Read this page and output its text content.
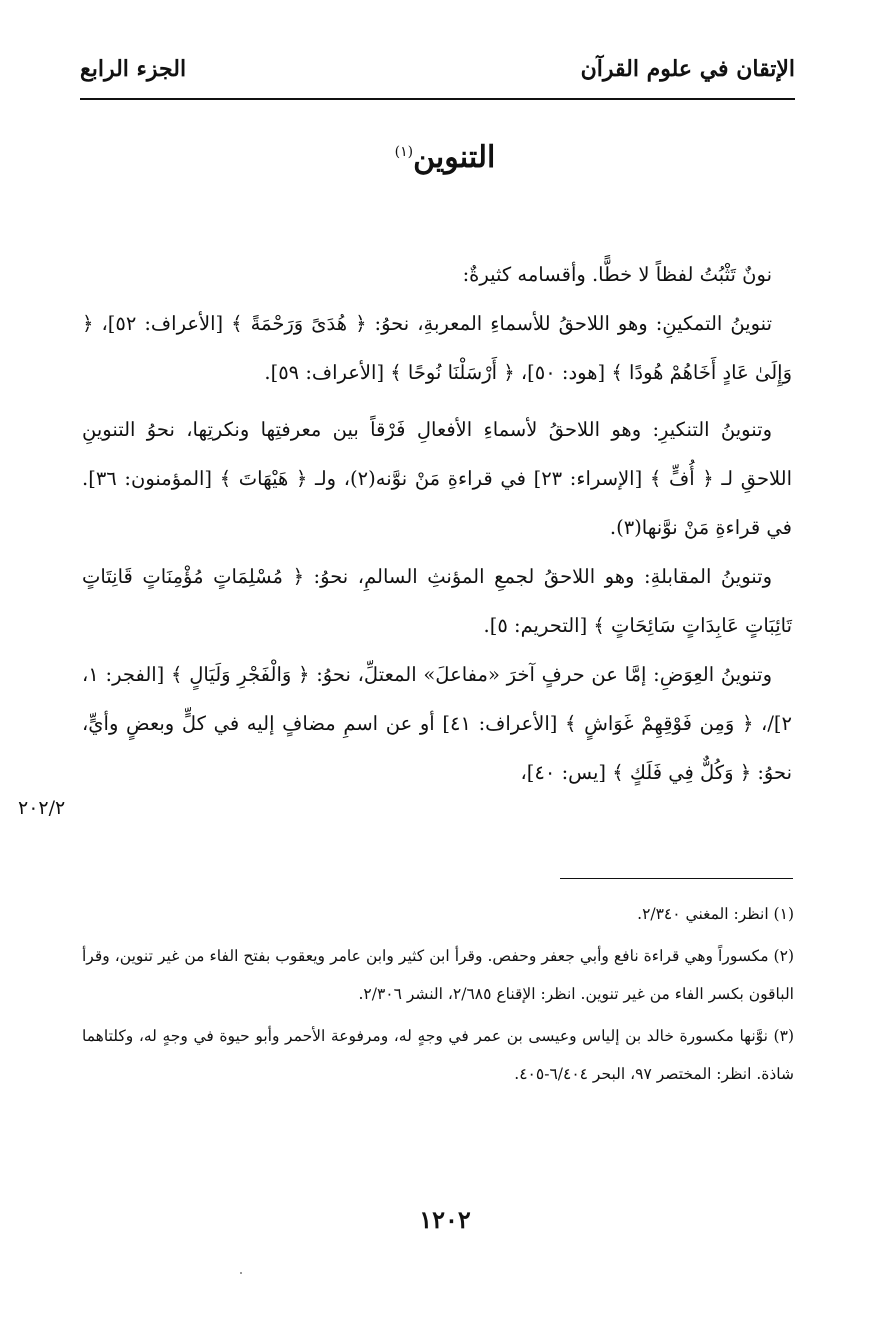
الإتقان في علوم القرآن
الجزء الرابع
التنوين$^{(١)}$

نونٌ تَثْبُتُ لفظاً لا خطًّا. وأقسامه كثيرةٌ:

تنوينُ التمكينِ: وهو اللاحقُ للأسماءِ المعربةِ، نحوُ: ﴿ هُدَىً وَرَحْمَةً ﴾ [الأعراف: ٥٢]، ﴿ وَإِلَىٰ عَادٍ أَخَاهُمْ هُودًا ﴾ [هود: ٥٠]، ﴿ أَرْسَلْنَا نُوحًا ﴾ [الأعراف: ٥٩].

وتنوينُ التنكيرِ: وهو اللاحقُ لأسماءِ الأفعالِ فَرْقاً بين معرفتِها ونكرتِها، نحوُ التنوينِ اللاحقِ لـ ﴿ أُفٍّ ﴾ [الإسراء: ٢٣] في قراءةِ مَنْ نوَّنه(٢)، ولـ ﴿ هَيْهَاتَ ﴾ [المؤمنون: ٣٦]. في قراءةِ مَنْ نوَّنها(٣).

وتنوينُ المقابلةِ: وهو اللاحقُ لجمعِ المؤنثِ السالمِ، نحوُ: ﴿ مُسْلِمَاتٍ مُؤْمِنَاتٍ قَانِتَاتٍ تَائِبَاتٍ عَابِدَاتٍ سَائِحَاتٍ ﴾ [التحريم: ٥].

وتنوينُ العِوَضِ: إمَّا عن حرفٍ آخرَ «مفاعلَ» المعتلِّ، نحوُ: ﴿ وَالْفَجْرِ وَلَيَالٍ ﴾ [الفجر: ١، ٢]/، ﴿ وَمِن فَوْقِهِمْ غَوَاشٍ ﴾ [الأعراف: ٤١] أو عن اسمِ مضافٍ إليه في كلٍّ وبعضٍ وأيٍّ، نحوُ: ﴿ وَكُلٌّ فِي فَلَكٍ ﴾ [يس: ٤٠]،

٢٠٢/٢

(١) انظر: المغني ٢/٣٤٠.

(٢) مكسوراً وهي قراءة نافع وأبي جعفر وحفص. وقرأ ابن كثير وابن عامر ويعقوب بفتح الفاء من غير تنوين، وقرأ الباقون بكسر الفاء من غير تنوين. انظر: الإقناع ٢/٦٨٥، النشر ٢/٣٠٦.

(٣) نوَّنها مكسورة خالد بن إلياس وعيسى بن عمر في وجهٍ له، ومرفوعة الأحمر وأبو حيوة في وجهٍ له، وكلتاهما شاذة. انظر: المختصر ٩٧، البحر ٦/٤٠٤-٤٠٥.

١٢٠٢
